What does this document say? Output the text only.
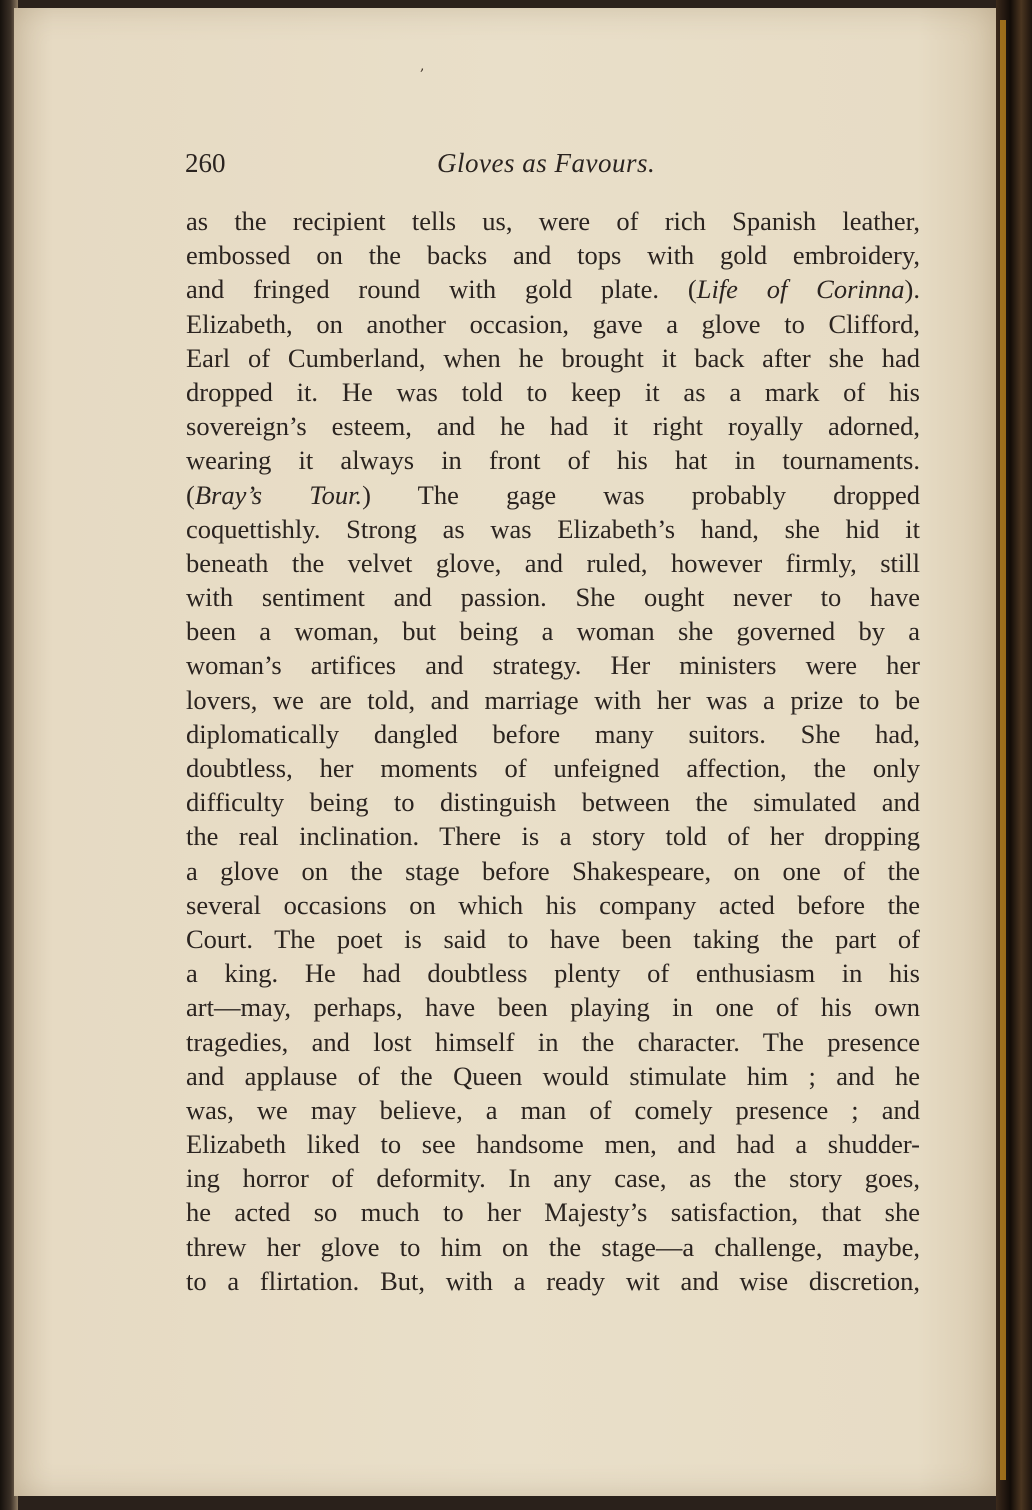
,
260	Gloves as Favours.
as the recipient tells us, were of rich Spanish leather,
embossed on the backs and tops with gold embroidery,
and fringed round with gold plate. (Life of Corinna).
Elizabeth, on another occasion, gave a glove to Clifford,
Earl of Cumberland, when he brought it back after she had
dropped it. He was told to keep it as a mark of his
sovereign’s esteem, and he had it right royally adorned,
wearing it always in front of his hat in tournaments.
(Bray’s Tour.) The gage was probably dropped
coquettishly. Strong as was Elizabeth’s hand, she hid it
beneath the velvet glove, and ruled, however firmly, still
with sentiment and passion. She ought never to have
been a woman, but being a woman she governed by a
woman’s artifices and strategy. Her ministers were her
lovers, we are told, and marriage with her was a prize to be
diplomatically dangled before many suitors. She had,
doubtless, her moments of unfeigned affection, the only
difficulty being to distinguish between the simulated and
the real inclination. There is a story told of her dropping
a glove on the stage before Shakespeare, on one of the
several occasions on which his company acted before the
Court. The poet is said to have been taking the part of
a king. He had doubtless plenty of enthusiasm in his
art—may, perhaps, have been playing in one of his own
tragedies, and lost himself in the character. The presence
and applause of the Queen would stimulate him ; and he
was, we may believe, a man of comely presence ; and
Elizabeth liked to see handsome men, and had a shudder-
ing horror of deformity. In any case, as the story goes,
he acted so much to her Majesty’s satisfaction, that she
threw her glove to him on the stage—a challenge, maybe,
to a flirtation. But, with a ready wit and wise discretion,
